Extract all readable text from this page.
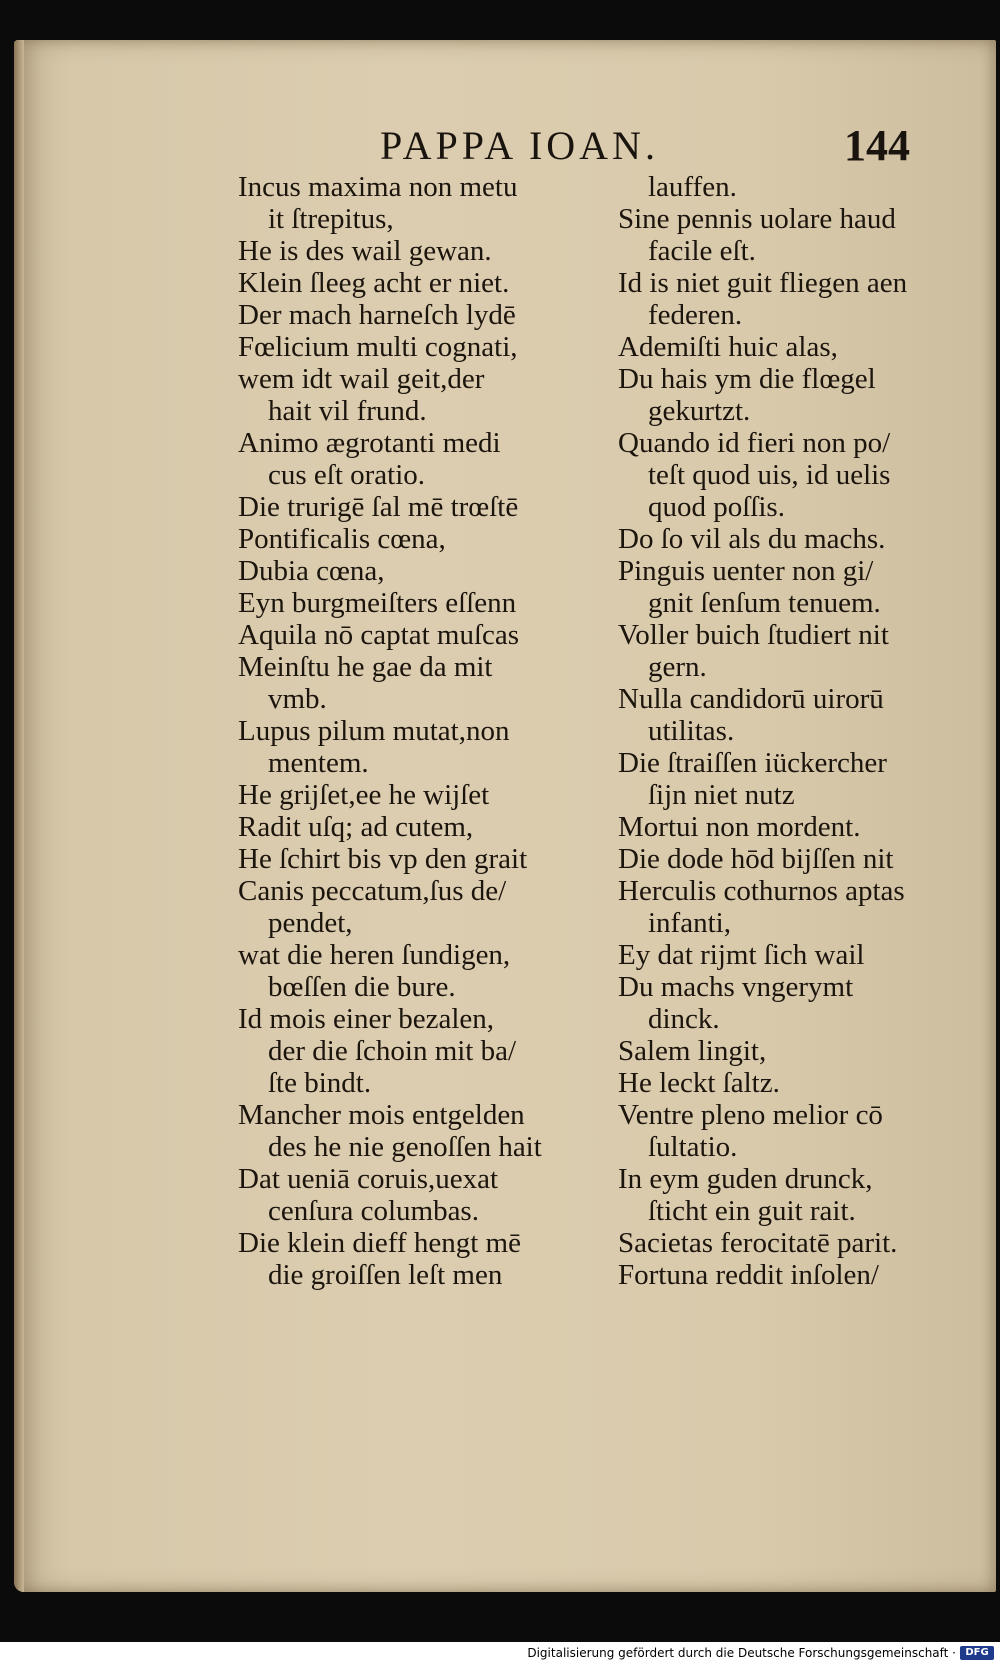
PAPPA IOAN.	144
Incus maxima non metu
it ſtrepitus,
He is des wail gewan.
Klein ſleeg acht er niet.
Der mach harneſch lydē
Fœlicium multi cognati,
wem idt wail geit,der
hait vil frund.
Animo ægrotanti medi
cus eſt oratio.
Die trurigē ſal mē trœſtē
Pontificalis cœna,
Dubia cœna,
Eyn burgmeiſters eſſenn
Aquila nō captat muſcas
Meinſtu he gae da mit
vmb.
Lupus pilum mutat,non
mentem.
He grijſet,ee he wijſet
Radit uſq; ad cutem,
He ſchirt bis vp den grait
Canis peccatum,ſus de/
pendet,
wat die heren ſundigen,
bœſſen die bure.
Id mois einer bezalen,
der die ſchoin mit ba/
ſte bindt.
Mancher mois entgelden
des he nie genoſſen hait
Dat ueniā coruis,uexat
cenſura columbas.
Die klein dieff hengt mē
die groiſſen leſt men
lauffen.
Sine pennis uolare haud
facile eſt.
Id is niet guit fliegen aen
federen.
Ademiſti huic alas,
Du hais ym die flœgel
gekurtzt.
Quando id fieri non po/
teſt quod uis, id uelis
quod poſſis.
Do ſo vil als du machs.
Pinguis uenter non gi/
gnit ſenſum tenuem.
Voller buich ſtudiert nit
gern.
Nulla candidorū uirorū
utilitas.
Die ſtraiſſen iückercher
ſijn niet nutz
Mortui non mordent.
Die dode hōd bijſſen nit
Herculis cothurnos aptas
infanti,
Ey dat rijmt ſich wail
Du machs vngerymt
dinck.
Salem lingit,
He leckt ſaltz.
Ventre pleno melior cō
ſultatio.
In eym guden drunck,
ſticht ein guit rait.
Sacietas ferocitatē parit.
Fortuna reddit inſolen/
Digitalisierung gefördert durch die Deutsche Forschungsgemeinschaft · DFG
